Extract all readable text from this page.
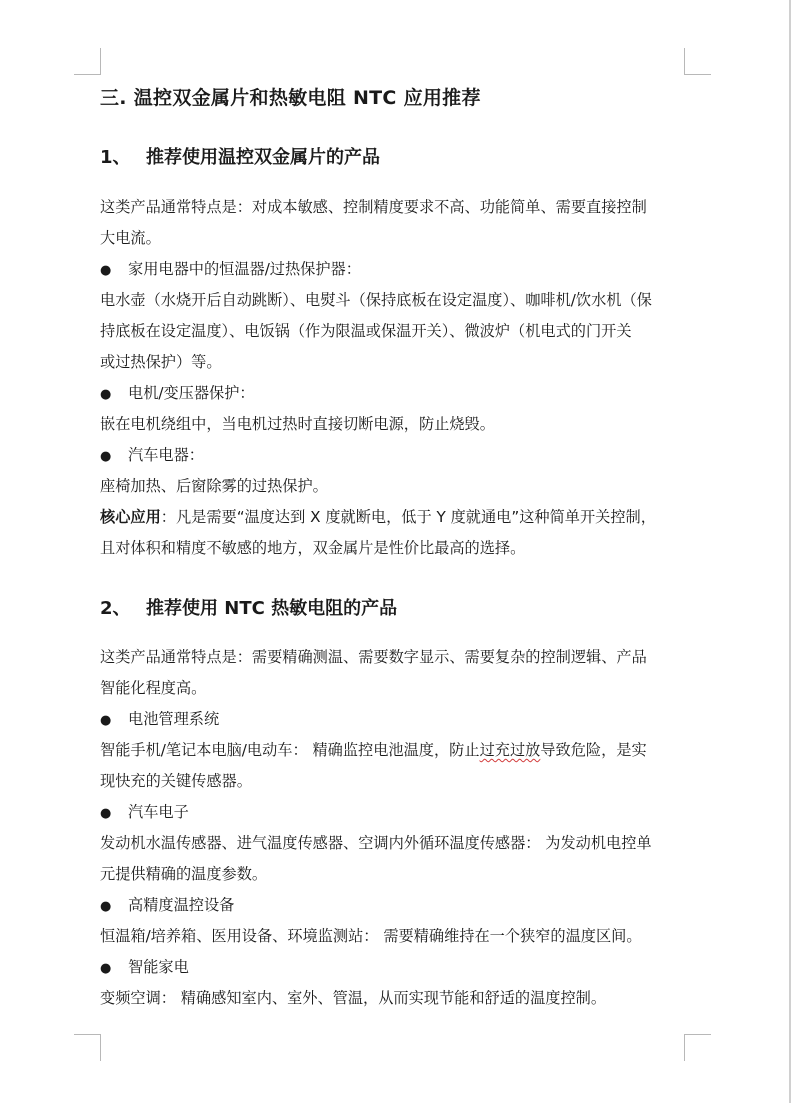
三. 温控双金属片和热敏电阻 NTC 应用推荐
1、 推荐使用温控双金属片的产品
这类产品通常特点是：对成本敏感、控制精度要求不高、功能简单、需要直接控制
大电流。
● 家用电器中的恒温器/过热保护器：
电水壶（水烧开后自动跳断）、电熨斗（保持底板在设定温度）、咖啡机/饮水机（保
持底板在设定温度）、电饭锅（作为限温或保温开关）、微波炉（机电式的门开关
或过热保护）等。
● 电机/变压器保护：
嵌在电机绕组中，当电机过热时直接切断电源，防止烧毁。
● 汽车电器：
座椅加热、后窗除雾的过热保护。
核心应用：凡是需要“温度达到 X 度就断电，低于 Y 度就通电”这种简单开关控制，
且对体积和精度不敏感的地方，双金属片是性价比最高的选择。
2、 推荐使用 NTC 热敏电阻的产品
这类产品通常特点是：需要精确测温、需要数字显示、需要复杂的控制逻辑、产品
智能化程度高。
● 电池管理系统
智能手机/笔记本电脑/电动车： 精确监控电池温度，防止过充过放导致危险，是实
现快充的关键传感器。
● 汽车电子
发动机水温传感器、进气温度传感器、空调内外循环温度传感器： 为发动机电控单
元提供精确的温度参数。
● 高精度温控设备
恒温箱/培养箱、医用设备、环境监测站： 需要精确维持在一个狭窄的温度区间。
● 智能家电
变频空调： 精确感知室内、室外、管温，从而实现节能和舒适的温度控制。
